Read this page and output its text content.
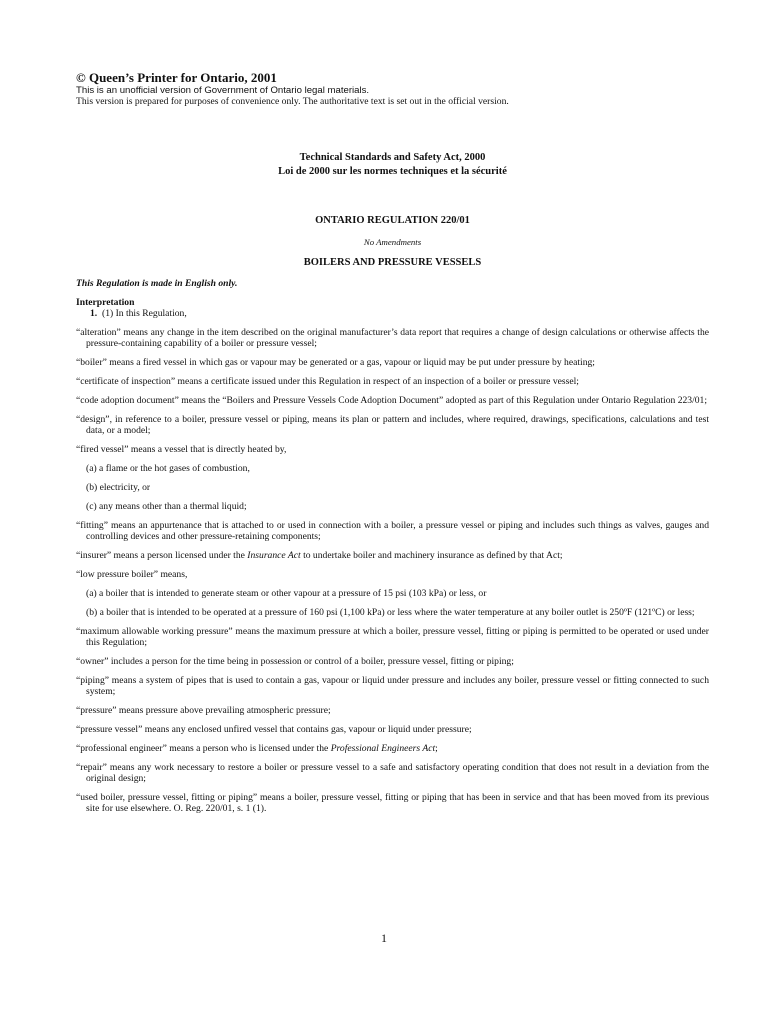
© Queen’s Printer for Ontario, 2001

This is an unofficial version of Government of Ontario legal materials.

This version is prepared for purposes of convenience only. The authoritative text is set out in the official version.

Technical Standards and Safety Act, 2000

Loi de 2000 sur les normes techniques et la sécurité

ONTARIO REGULATION 220/01

No Amendments

BOILERS AND PRESSURE VESSELS

This Regulation is made in English only.

Interpretation

1. (1) In this Regulation,

“alteration” means any change in the item described on the original manufacturer’s data report that requires a change of design calculations or otherwise affects the pressure-containing capability of a boiler or pressure vessel;

“boiler” means a fired vessel in which gas or vapour may be generated or a gas, vapour or liquid may be put under pressure by heating;

“certificate of inspection” means a certificate issued under this Regulation in respect of an inspection of a boiler or pressure vessel;

“code adoption document” means the “Boilers and Pressure Vessels Code Adoption Document” adopted as part of this Regulation under Ontario Regulation 223/01;

“design”, in reference to a boiler, pressure vessel or piping, means its plan or pattern and includes, where required, drawings, specifications, calculations and test data, or a model;

“fired vessel” means a vessel that is directly heated by,

(a) a flame or the hot gases of combustion,

(b) electricity, or

(c) any means other than a thermal liquid;

“fitting” means an appurtenance that is attached to or used in connection with a boiler, a pressure vessel or piping and includes such things as valves, gauges and controlling devices and other pressure-retaining components;

“insurer” means a person licensed under the Insurance Act to undertake boiler and machinery insurance as defined by that Act;

“low pressure boiler” means,

(a) a boiler that is intended to generate steam or other vapour at a pressure of 15 psi (103 kPa) or less, or

(b) a boiler that is intended to be operated at a pressure of 160 psi (1,100 kPa) or less where the water temperature at any boiler outlet is 250ºF (121ºC) or less;

“maximum allowable working pressure” means the maximum pressure at which a boiler, pressure vessel, fitting or piping is permitted to be operated or used under this Regulation;

“owner” includes a person for the time being in possession or control of a boiler, pressure vessel, fitting or piping;

“piping” means a system of pipes that is used to contain a gas, vapour or liquid under pressure and includes any boiler, pressure vessel or fitting connected to such system;

“pressure” means pressure above prevailing atmospheric pressure;

“pressure vessel” means any enclosed unfired vessel that contains gas, vapour or liquid under pressure;

“professional engineer” means a person who is licensed under the Professional Engineers Act;

“repair” means any work necessary to restore a boiler or pressure vessel to a safe and satisfactory operating condition that does not result in a deviation from the original design;

“used boiler, pressure vessel, fitting or piping” means a boiler, pressure vessel, fitting or piping that has been in service and that has been moved from its previous site for use elsewhere. O. Reg. 220/01, s. 1 (1).

1
